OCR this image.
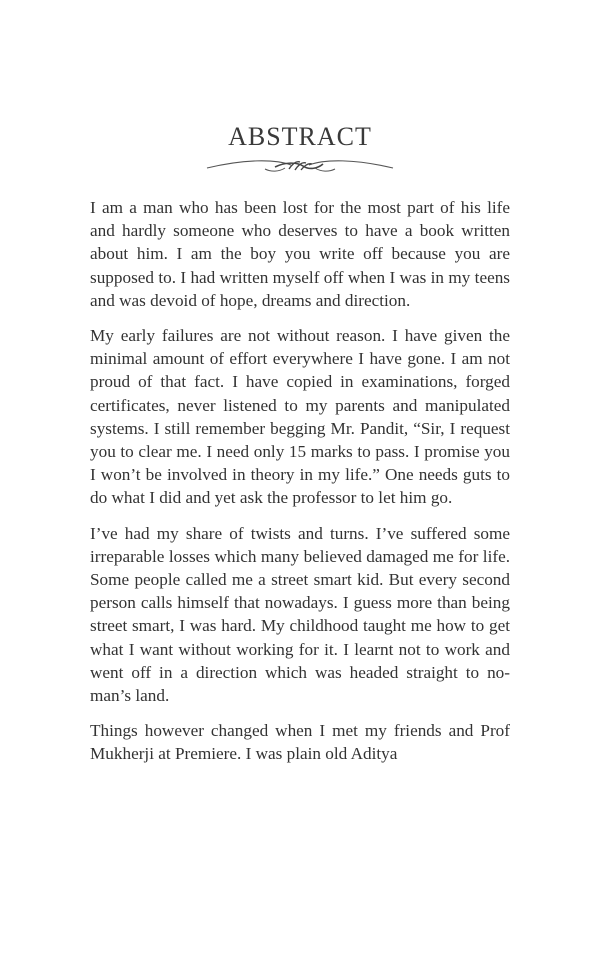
ABSTRACT

I am a man who has been lost for the most part of his life and hardly someone who deserves to have a book written about him. I am the boy you write off because you are supposed to. I had written myself off when I was in my teens and was devoid of hope, dreams and direction.

My early failures are not without reason. I have given the minimal amount of effort everywhere I have gone. I am not proud of that fact. I have copied in examinations, forged certificates, never listened to my parents and manipulated systems. I still remember begging Mr. Pandit, “Sir, I request you to clear me. I need only 15 marks to pass. I promise you I won’t be involved in theory in my life.” One needs guts to do what I did and yet ask the professor to let him go.

I’ve had my share of twists and turns. I’ve suffered some irreparable losses which many believed damaged me for life. Some people called me a street smart kid. But every second person calls himself that nowadays. I guess more than being street smart, I was hard. My childhood taught me how to get what I want without working for it. I learnt not to work and went off in a direction which was headed straight to no-man’s land.

Things however changed when I met my friends and Prof Mukherji at Premiere. I was plain old Aditya
